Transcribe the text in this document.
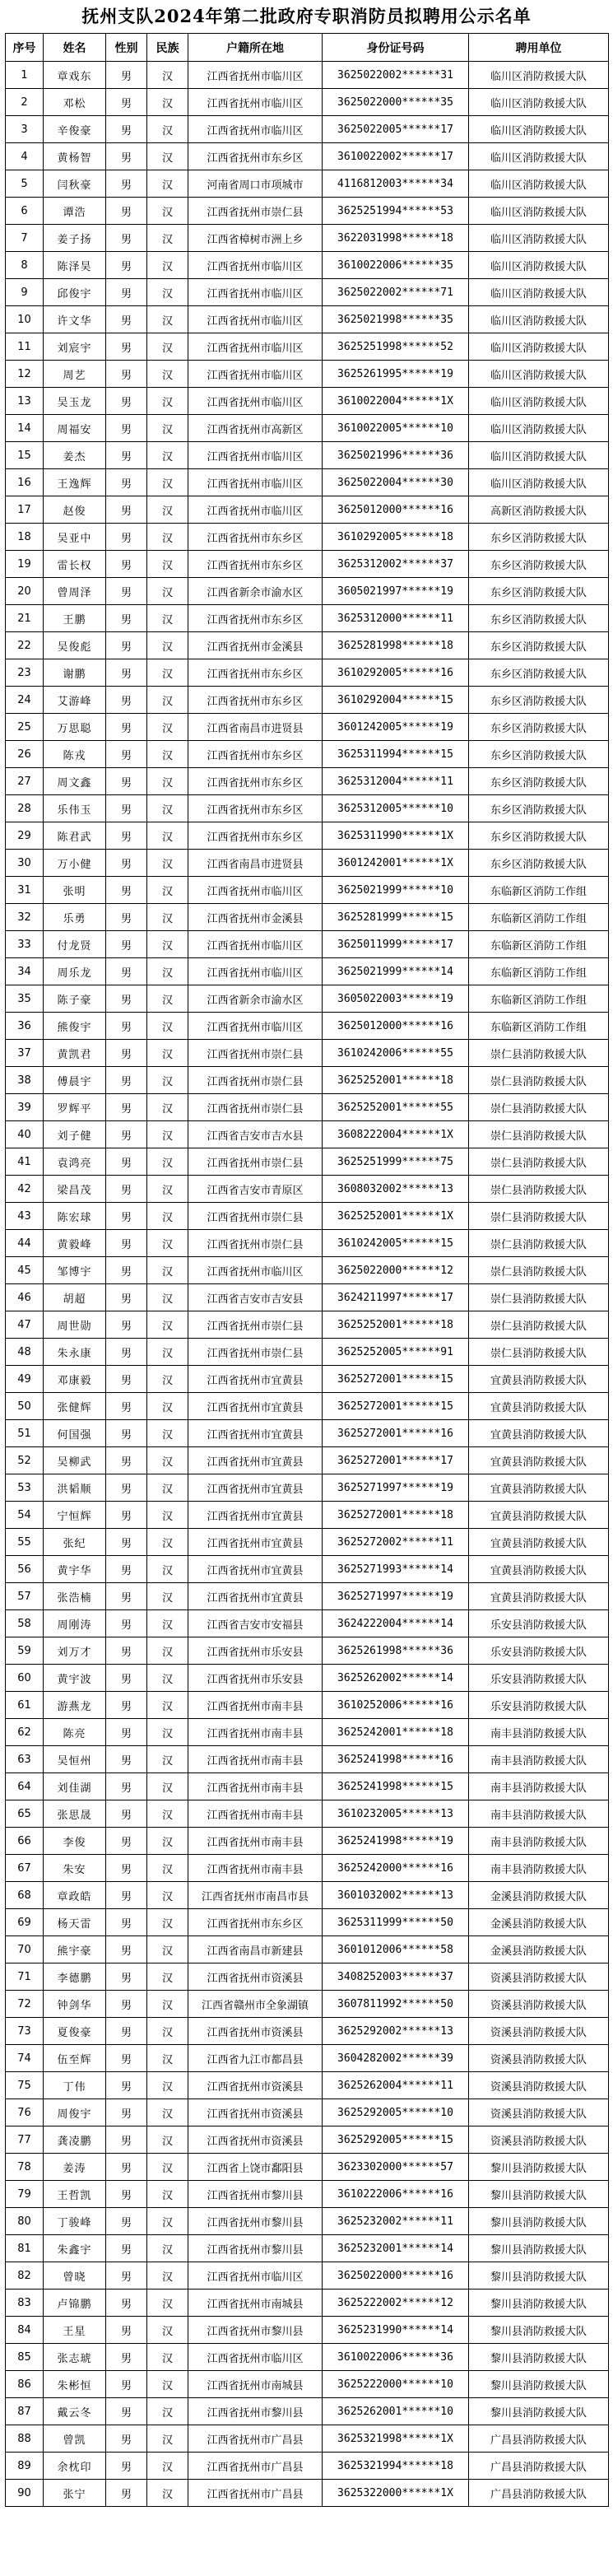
抚州支队2024年第二批政府专职消防员拟聘用公示名单
序号	姓名	性别	民族	户籍所在地	身份证号码	聘用单位
1	章戏东	男	汉	江西省抚州市临川区	3625022002******31	临川区消防救援大队
2	邓松	男	汉	江西省抚州市临川区	3625022000******35	临川区消防救援大队
3	辛俊豪	男	汉	江西省抚州市临川区	3625022005******17	临川区消防救援大队
4	黄杨智	男	汉	江西省抚州市东乡区	3610022002******17	临川区消防救援大队
5	闫秋豪	男	汉	河南省周口市项城市	4116812003******34	临川区消防救援大队
6	谭浩	男	汉	江西省抚州市崇仁县	3625251994******53	临川区消防救援大队
7	姜子扬	男	汉	江西省樟树市洲上乡	3622031998******18	临川区消防救援大队
8	陈泽昊	男	汉	江西省抚州市临川区	3610022006******35	临川区消防救援大队
9	邱俊宇	男	汉	江西省抚州市临川区	3625022002******71	临川区消防救援大队
10	许文华	男	汉	江西省抚州市临川区	3625021998******35	临川区消防救援大队
11	刘宸宇	男	汉	江西省抚州市临川区	3625251998******52	临川区消防救援大队
12	周艺	男	汉	江西省抚州市临川区	3625261995******19	临川区消防救援大队
13	吴玉龙	男	汉	江西省抚州市临川区	3610022004******1X	临川区消防救援大队
14	周福安	男	汉	江西省抚州市高新区	3610022005******10	临川区消防救援大队
15	姜杰	男	汉	江西省抚州市临川区	3625021996******36	临川区消防救援大队
16	王逸辉	男	汉	江西省抚州市临川区	3625022004******30	临川区消防救援大队
17	赵俊	男	汉	江西省抚州市临川区	3625012000******16	高新区消防救援大队
18	吴亚中	男	汉	江西省抚州市东乡区	3610292005******18	东乡区消防救援大队
19	雷长权	男	汉	江西省抚州市东乡区	3625312002******37	东乡区消防救援大队
20	曾周泽	男	汉	江西省新余市渝水区	3605021997******19	东乡区消防救援大队
21	王鹏	男	汉	江西省抚州市东乡区	3625312000******11	东乡区消防救援大队
22	吴俊彪	男	汉	江西省抚州市金溪县	3625281998******18	东乡区消防救援大队
23	谢鹏	男	汉	江西省抚州市东乡区	3610292005******16	东乡区消防救援大队
24	艾游峰	男	汉	江西省抚州市东乡区	3610292004******15	东乡区消防救援大队
25	万思聪	男	汉	江西省南昌市进贤县	3601242005******19	东乡区消防救援大队
26	陈戎	男	汉	江西省抚州市东乡区	3625311994******15	东乡区消防救援大队
27	周文鑫	男	汉	江西省抚州市东乡区	3625312004******11	东乡区消防救援大队
28	乐伟玉	男	汉	江西省抚州市东乡区	3625312005******10	东乡区消防救援大队
29	陈君武	男	汉	江西省抚州市东乡区	3625311990******1X	东乡区消防救援大队
30	万小健	男	汉	江西省南昌市进贤县	3601242001******1X	东乡区消防救援大队
31	张明	男	汉	江西省抚州市临川区	3625021999******10	东临新区消防工作组
32	乐勇	男	汉	江西省抚州市金溪县	3625281999******15	东临新区消防工作组
33	付龙贤	男	汉	江西省抚州市临川区	3625011999******17	东临新区消防工作组
34	周乐龙	男	汉	江西省抚州市临川区	3625021999******14	东临新区消防工作组
35	陈子豪	男	汉	江西省新余市渝水区	3605022003******19	东临新区消防工作组
36	熊俊宇	男	汉	江西省抚州市临川区	3625012000******16	东临新区消防工作组
37	黄凯君	男	汉	江西省抚州市崇仁县	3610242006******55	崇仁县消防救援大队
38	傅晨宇	男	汉	江西省抚州市崇仁县	3625252001******18	崇仁县消防救援大队
39	罗辉平	男	汉	江西省抚州市崇仁县	3625252001******55	崇仁县消防救援大队
40	刘子健	男	汉	江西省吉安市吉水县	3608222004******1X	崇仁县消防救援大队
41	袁鸿亮	男	汉	江西省抚州市崇仁县	3625251999******75	崇仁县消防救援大队
42	梁昌茂	男	汉	江西省吉安市青原区	3608032002******13	崇仁县消防救援大队
43	陈宏球	男	汉	江西省抚州市崇仁县	3625252001******1X	崇仁县消防救援大队
44	黄毅峰	男	汉	江西省抚州市崇仁县	3610242005******15	崇仁县消防救援大队
45	邹博宇	男	汉	江西省抚州市临川区	3625022000******12	崇仁县消防救援大队
46	胡超	男	汉	江西省吉安市吉安县	3624211997******17	崇仁县消防救援大队
47	周世勋	男	汉	江西省抚州市崇仁县	3625252001******18	崇仁县消防救援大队
48	朱永康	男	汉	江西省抚州市崇仁县	3625252005******91	崇仁县消防救援大队
49	邓康毅	男	汉	江西省抚州市宜黄县	3625272001******15	宜黄县消防救援大队
50	张健辉	男	汉	江西省抚州市宜黄县	3625272001******15	宜黄县消防救援大队
51	何国强	男	汉	江西省抚州市宜黄县	3625272001******16	宜黄县消防救援大队
52	吴柳武	男	汉	江西省抚州市宜黄县	3625272001******17	宜黄县消防救援大队
53	洪韬顺	男	汉	江西省抚州市宜黄县	3625271997******19	宜黄县消防救援大队
54	宁恒辉	男	汉	江西省抚州市宜黄县	3625272001******18	宜黄县消防救援大队
55	张纪	男	汉	江西省抚州市宜黄县	3625272002******11	宜黄县消防救援大队
56	黄宇华	男	汉	江西省抚州市宜黄县	3625271993******14	宜黄县消防救援大队
57	张浩楠	男	汉	江西省抚州市宜黄县	3625271997******19	宜黄县消防救援大队
58	周刚涛	男	汉	江西省吉安市安福县	3624222004******14	乐安县消防救援大队
59	刘万才	男	汉	江西省抚州市乐安县	3625261998******36	乐安县消防救援大队
60	黄宇波	男	汉	江西省抚州市乐安县	3625262002******14	乐安县消防救援大队
61	游燕龙	男	汉	江西省抚州市南丰县	3610252006******16	乐安县消防救援大队
62	陈亮	男	汉	江西省抚州市南丰县	3625242001******18	南丰县消防救援大队
63	吴恒州	男	汉	江西省抚州市南丰县	3625241998******16	南丰县消防救援大队
64	刘佳湖	男	汉	江西省抚州市南丰县	3625241998******15	南丰县消防救援大队
65	张思晟	男	汉	江西省抚州市南丰县	3610232005******13	南丰县消防救援大队
66	李俊	男	汉	江西省抚州市南丰县	3625241998******19	南丰县消防救援大队
67	朱安	男	汉	江西省抚州市南丰县	3625242000******16	南丰县消防救援大队
68	章政皓	男	汉	江西省抚州市南昌市县	3601032002******13	金溪县消防救援大队
69	杨天雷	男	汉	江西省抚州市东乡区	3625311999******50	金溪县消防救援大队
70	熊宇豪	男	汉	江西省南昌市新建县	3601012006******58	金溪县消防救援大队
71	李德鹏	男	汉	江西省抚州市资溪县	3408252003******37	资溪县消防救援大队
72	钟剑华	男	汉	江西省赣州市全象湖镇	3607811992******50	资溪县消防救援大队
73	夏俊豪	男	汉	江西省抚州市资溪县	3625292002******13	资溪县消防救援大队
74	伍至辉	男	汉	江西省九江市都昌县	3604282002******39	资溪县消防救援大队
75	丁伟	男	汉	江西省抚州市资溪县	3625262004******11	资溪县消防救援大队
76	周俊宇	男	汉	江西省抚州市资溪县	3625292005******10	资溪县消防救援大队
77	龚凌鹏	男	汉	江西省抚州市资溪县	3625292005******15	资溪县消防救援大队
78	姜涛	男	汉	江西省上饶市鄱阳县	3623302000******57	黎川县消防救援大队
79	王哲凯	男	汉	江西省抚州市黎川县	3610222006******16	黎川县消防救援大队
80	丁骏峰	男	汉	江西省抚州市黎川县	3625232002******11	黎川县消防救援大队
81	朱鑫宇	男	汉	江西省抚州市黎川县	3625232001******14	黎川县消防救援大队
82	曾晓	男	汉	江西省抚州市临川区	3625022000******16	黎川县消防救援大队
83	卢锦鹏	男	汉	江西省抚州市南城县	3625222002******12	黎川县消防救援大队
84	王星	男	汉	江西省抚州市黎川县	3625231990******14	黎川县消防救援大队
85	张志琥	男	汉	江西省抚州市临川区	3610022006******36	黎川县消防救援大队
86	朱彬恒	男	汉	江西省抚州市南城县	3625222000******10	黎川县消防救援大队
87	戴云冬	男	汉	江西省抚州市黎川县	3625262001******10	黎川县消防救援大队
88	曾凯	男	汉	江西省抚州市广昌县	3625321998******1X	广昌县消防救援大队
89	余枕印	男	汉	江西省抚州市广昌县	3625321994******18	广昌县消防救援大队
90	张宁	男	汉	江西省抚州市广昌县	3625322000******1X	广昌县消防救援大队
